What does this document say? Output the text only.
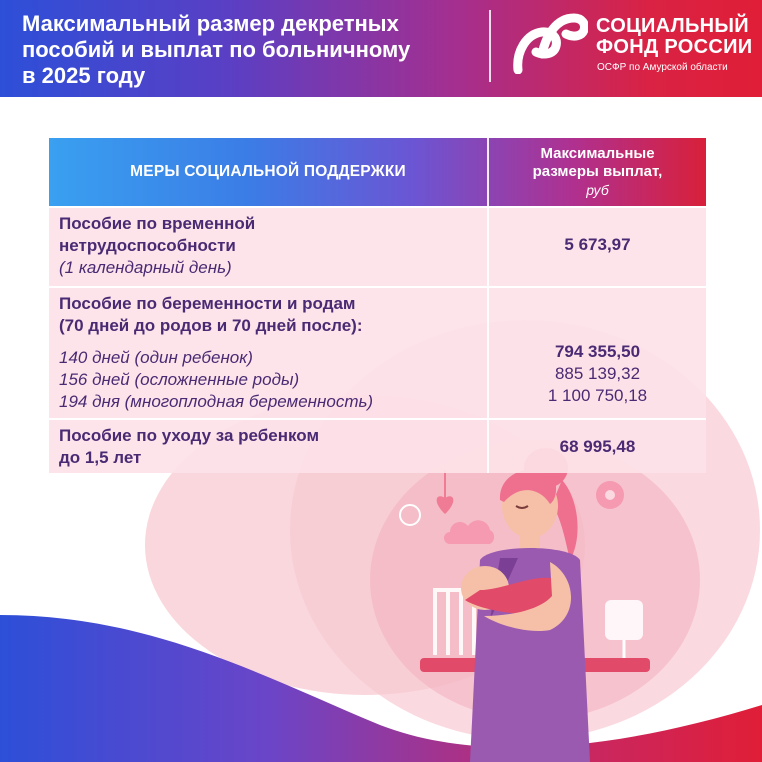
Максимальный размер декретных
пособий и выплат по больничному
в 2025 году
СОЦИАЛЬНЫЙ
ФОНД РОССИИ
ОСФР по Амурской области
МЕРЫ СОЦИАЛЬНОЙ ПОДДЕРЖКИ
Максимальные
размеры выплат,
руб
Пособие по временной
нетрудоспособности
(1 календарный день)
5 673,97
Пособие по беременности и родам
(70 дней до родов и 70 дней после):
140 дней (один ребенок)
156 дней (осложненные роды)
194 дня (многоплодная беременность)
794 355,50
885 139,32
1 100 750,18
Пособие по уходу за ребенком
до 1,5 лет
68 995,48
